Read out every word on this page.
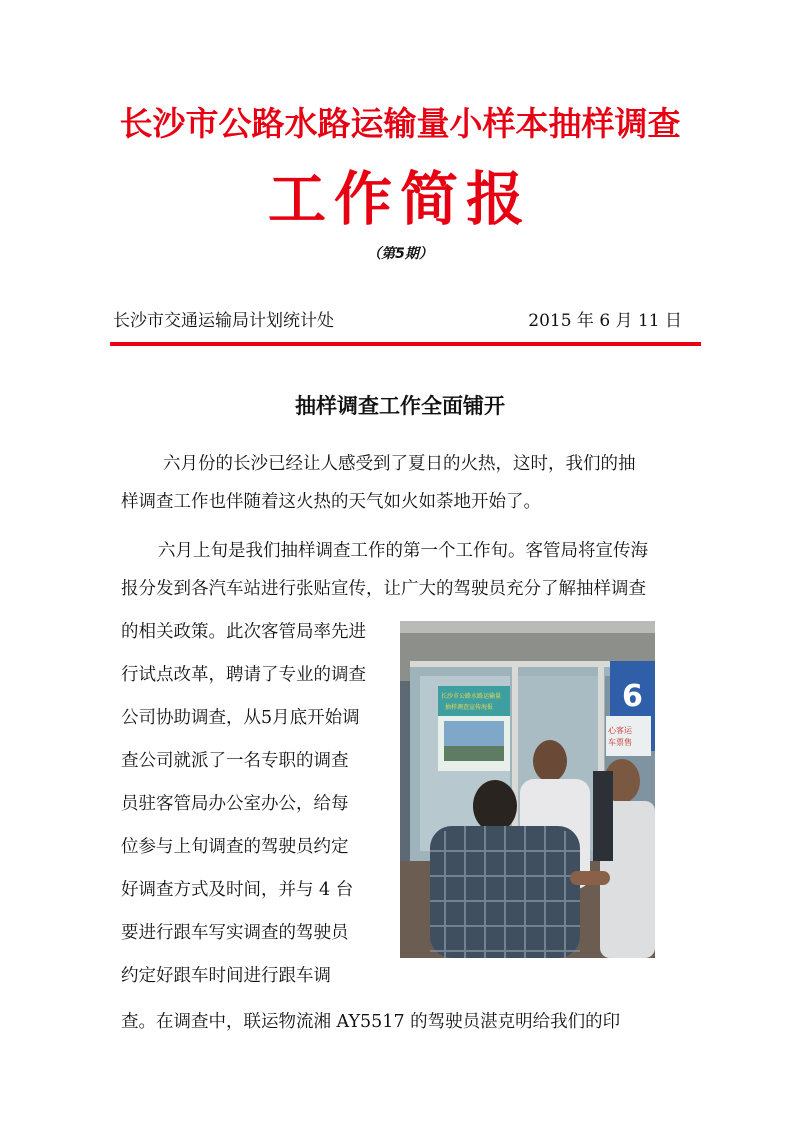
长沙市公路水路运输量小样本抽样调查
工作简报
（第5期）
长沙市交通运输局计划统计处	2015 年 6 月 11 日
抽样调查工作全面铺开
六月份的长沙已经让人感受到了夏日的火热，这时，我们的抽
样调查工作也伴随着这火热的天气如火如荼地开始了。
六月上旬是我们抽样调查工作的第一个工作旬。客管局将宣传海
报分发到各汽车站进行张贴宣传，让广大的驾驶员充分了解抽样调查
的相关政策。此次客管局率先进
行试点改革，聘请了专业的调查
公司协助调查，从5月底开始调
查公司就派了一名专职的调查
员驻客管局办公室办公，给每
位参与上旬调查的驾驶员约定
好调查方式及时间，并与 4 台
要进行跟车写实调查的驾驶员
约定好跟车时间进行跟车调
查。在调查中，联运物流湘 AY5517 的驾驶员湛克明给我们的印
6
心客运
车票售
长沙市公路水路运输量
抽样调查宣传海报
